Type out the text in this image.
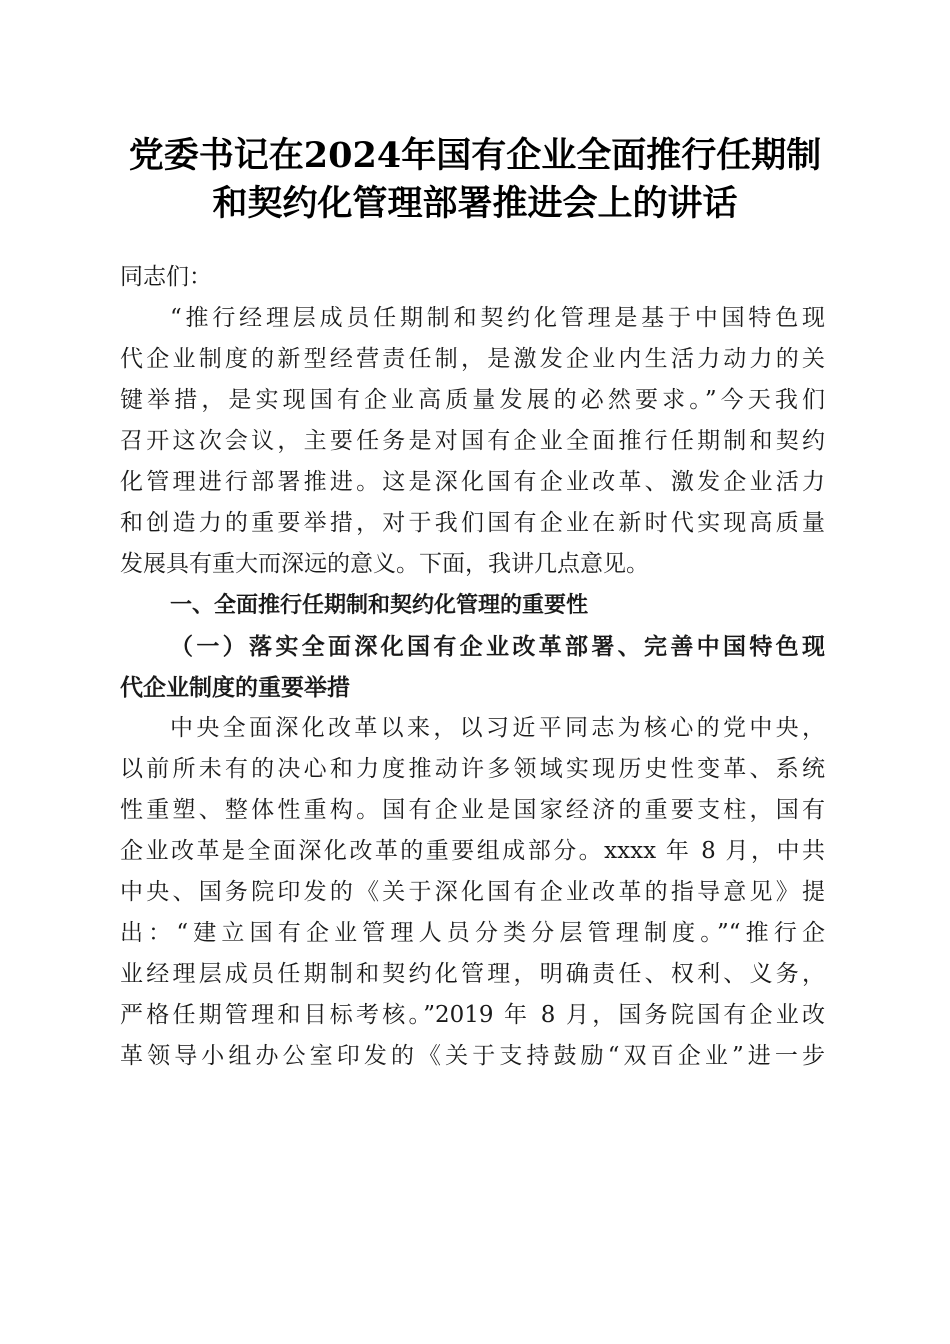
党委书记在2024年国有企业全面推行任期制
和契约化管理部署推进会上的讲话
同志们：
“推行经理层成员任期制和契约化管理是基于中国特色现
代企业制度的新型经营责任制，是激发企业内生活力动力的关
键举措，是实现国有企业高质量发展的必然要求。”今天我们
召开这次会议，主要任务是对国有企业全面推行任期制和契约
化管理进行部署推进。这是深化国有企业改革、激发企业活力
和创造力的重要举措，对于我们国有企业在新时代实现高质量
发展具有重大而深远的意义。下面，我讲几点意见。
一、全面推行任期制和契约化管理的重要性
（一）落实全面深化国有企业改革部署、完善中国特色现
代企业制度的重要举措
中央全面深化改革以来，以习近平同志为核心的党中央，
以前所未有的决心和力度推动许多领域实现历史性变革、系统
性重塑、整体性重构。国有企业是国家经济的重要支柱，国有
企业改革是全面深化改革的重要组成部分。xxxx 年 8 月，中共
中央、国务院印发的《关于深化国有企业改革的指导意见》提
出：“建立国有企业管理人员分类分层管理制度。”“推行企
业经理层成员任期制和契约化管理，明确责任、权利、义务，
严格任期管理和目标考核。”2019 年 8 月，国务院国有企业改
革领导小组办公室印发的《关于支持鼓励“双百企业”进一步
